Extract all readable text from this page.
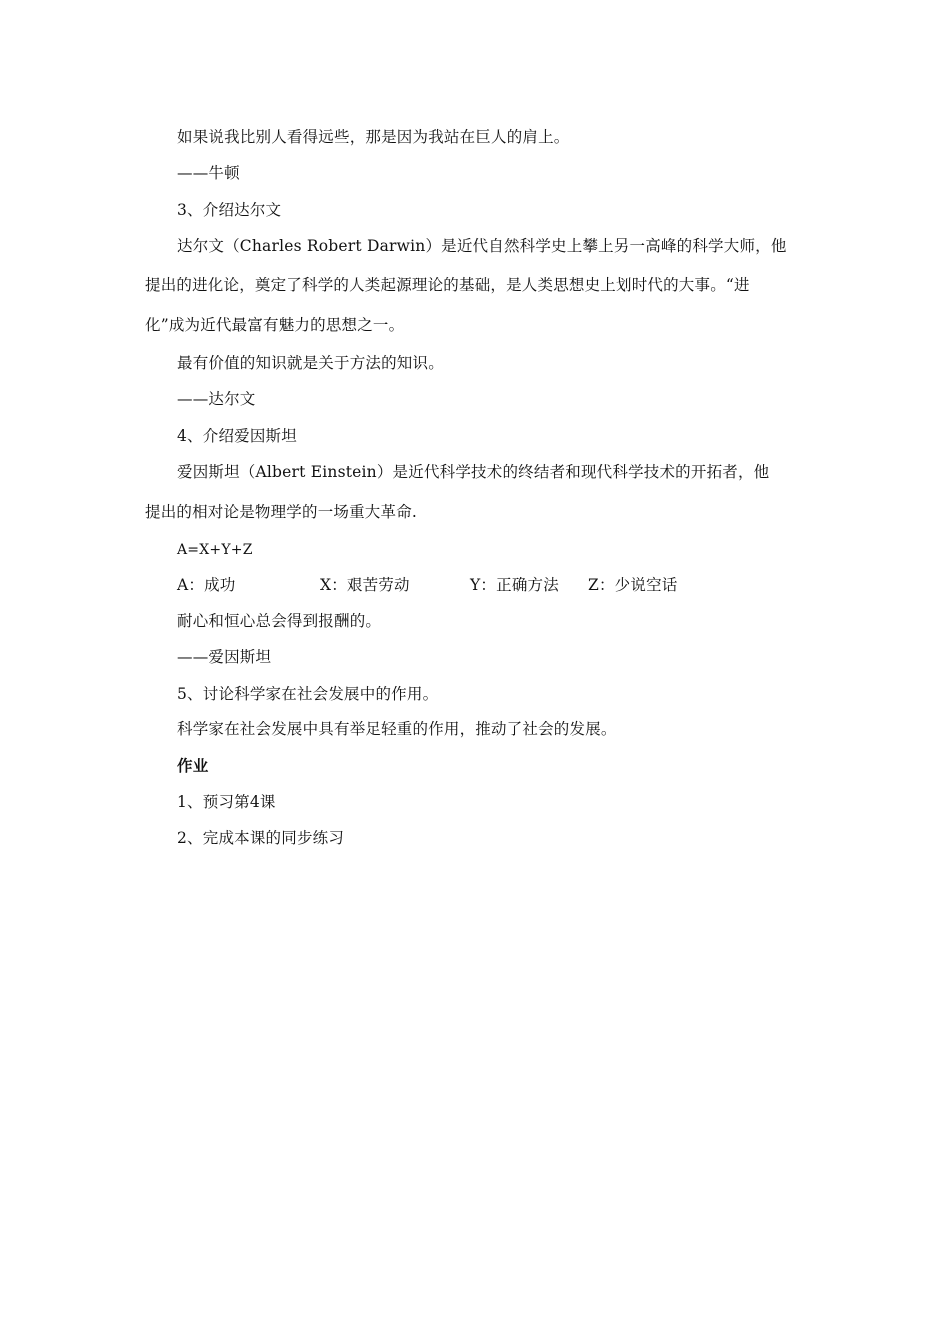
如果说我比别人看得远些，那是因为我站在巨人的肩上。
——牛顿
3、介绍达尔文
达尔文（Charles Robert Darwin）是近代自然科学史上攀上另一高峰的科学大师，他
提出的进化论，奠定了科学的人类起源理论的基础，是人类思想史上划时代的大事。“进
化”成为近代最富有魅力的思想之一。
最有价值的知识就是关于方法的知识。
——达尔文
4、介绍爱因斯坦
爱因斯坦（Albert Einstein）是近代科学技术的终结者和现代科学技术的开拓者，他
提出的相对论是物理学的一场重大革命.
A=X+Y+Z
A：成功	X：艰苦劳动	Y：正确方法 Z：少说空话
耐心和恒心总会得到报酬的。
——爱因斯坦
5、讨论科学家在社会发展中的作用。
科学家在社会发展中具有举足轻重的作用，推动了社会的发展。
作业
1、预习第4课
2、完成本课的同步练习
